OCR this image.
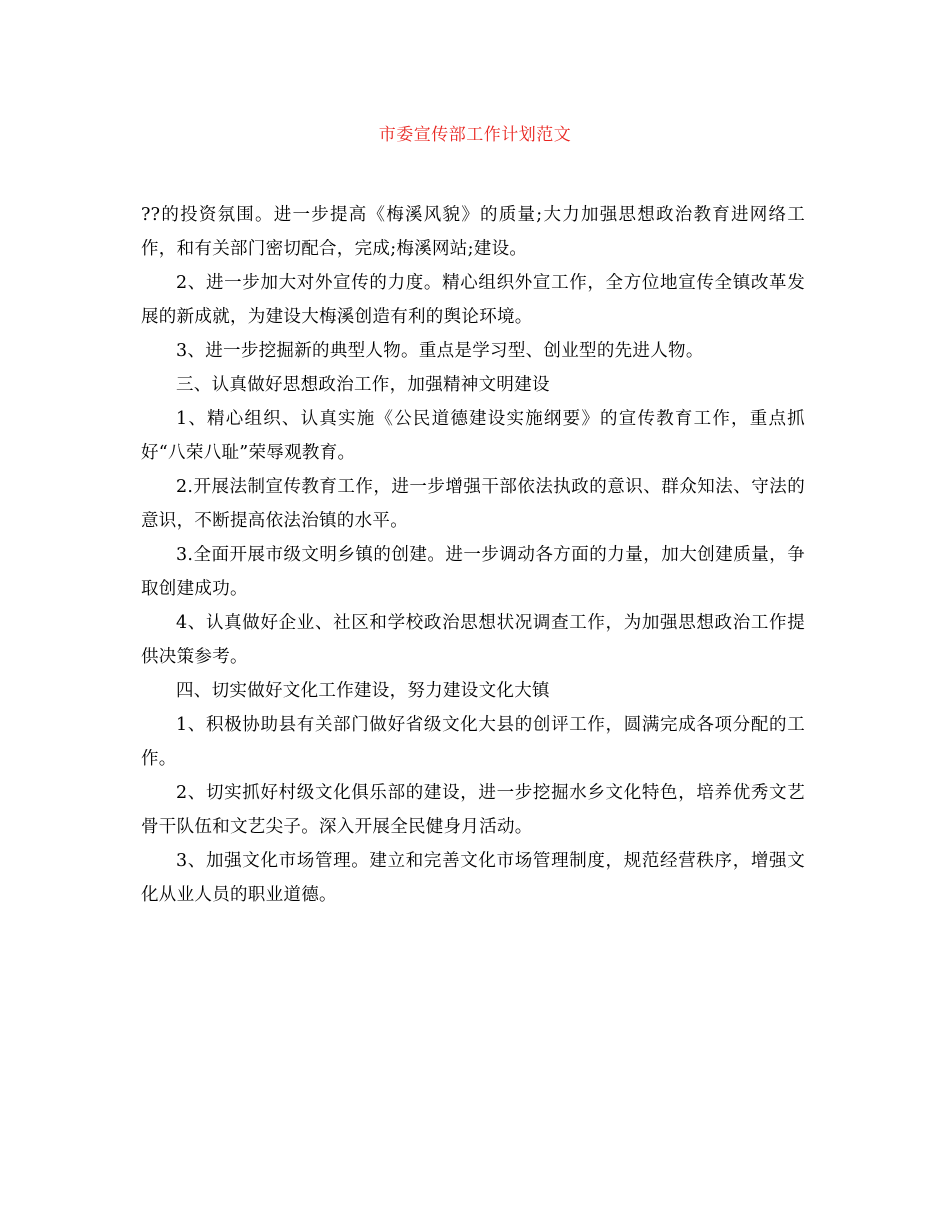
市委宣传部工作计划范文

??的投资氛围。进一步提高《梅溪风貌》的质量;大力加强思想政治教育进网络工作，和有关部门密切配合，完成;梅溪网站;建设。

2、进一步加大对外宣传的力度。精心组织外宣工作，全方位地宣传全镇改革发展的新成就，为建设大梅溪创造有利的舆论环境。

3、进一步挖掘新的典型人物。重点是学习型、创业型的先进人物。

三、认真做好思想政治工作，加强精神文明建设

1、精心组织、认真实施《公民道德建设实施纲要》的宣传教育工作，重点抓好“八荣八耻”荣辱观教育。

2.开展法制宣传教育工作，进一步增强干部依法执政的意识、群众知法、守法的意识，不断提高依法治镇的水平。

3.全面开展市级文明乡镇的创建。进一步调动各方面的力量，加大创建质量，争取创建成功。

4、认真做好企业、社区和学校政治思想状况调查工作，为加强思想政治工作提供决策参考。

四、切实做好文化工作建设，努力建设文化大镇

1、积极协助县有关部门做好省级文化大县的创评工作，圆满完成各项分配的工作。

2、切实抓好村级文化俱乐部的建设，进一步挖掘水乡文化特色，培养优秀文艺骨干队伍和文艺尖子。深入开展全民健身月活动。

3、加强文化市场管理。建立和完善文化市场管理制度，规范经营秩序，增强文化从业人员的职业道德。
